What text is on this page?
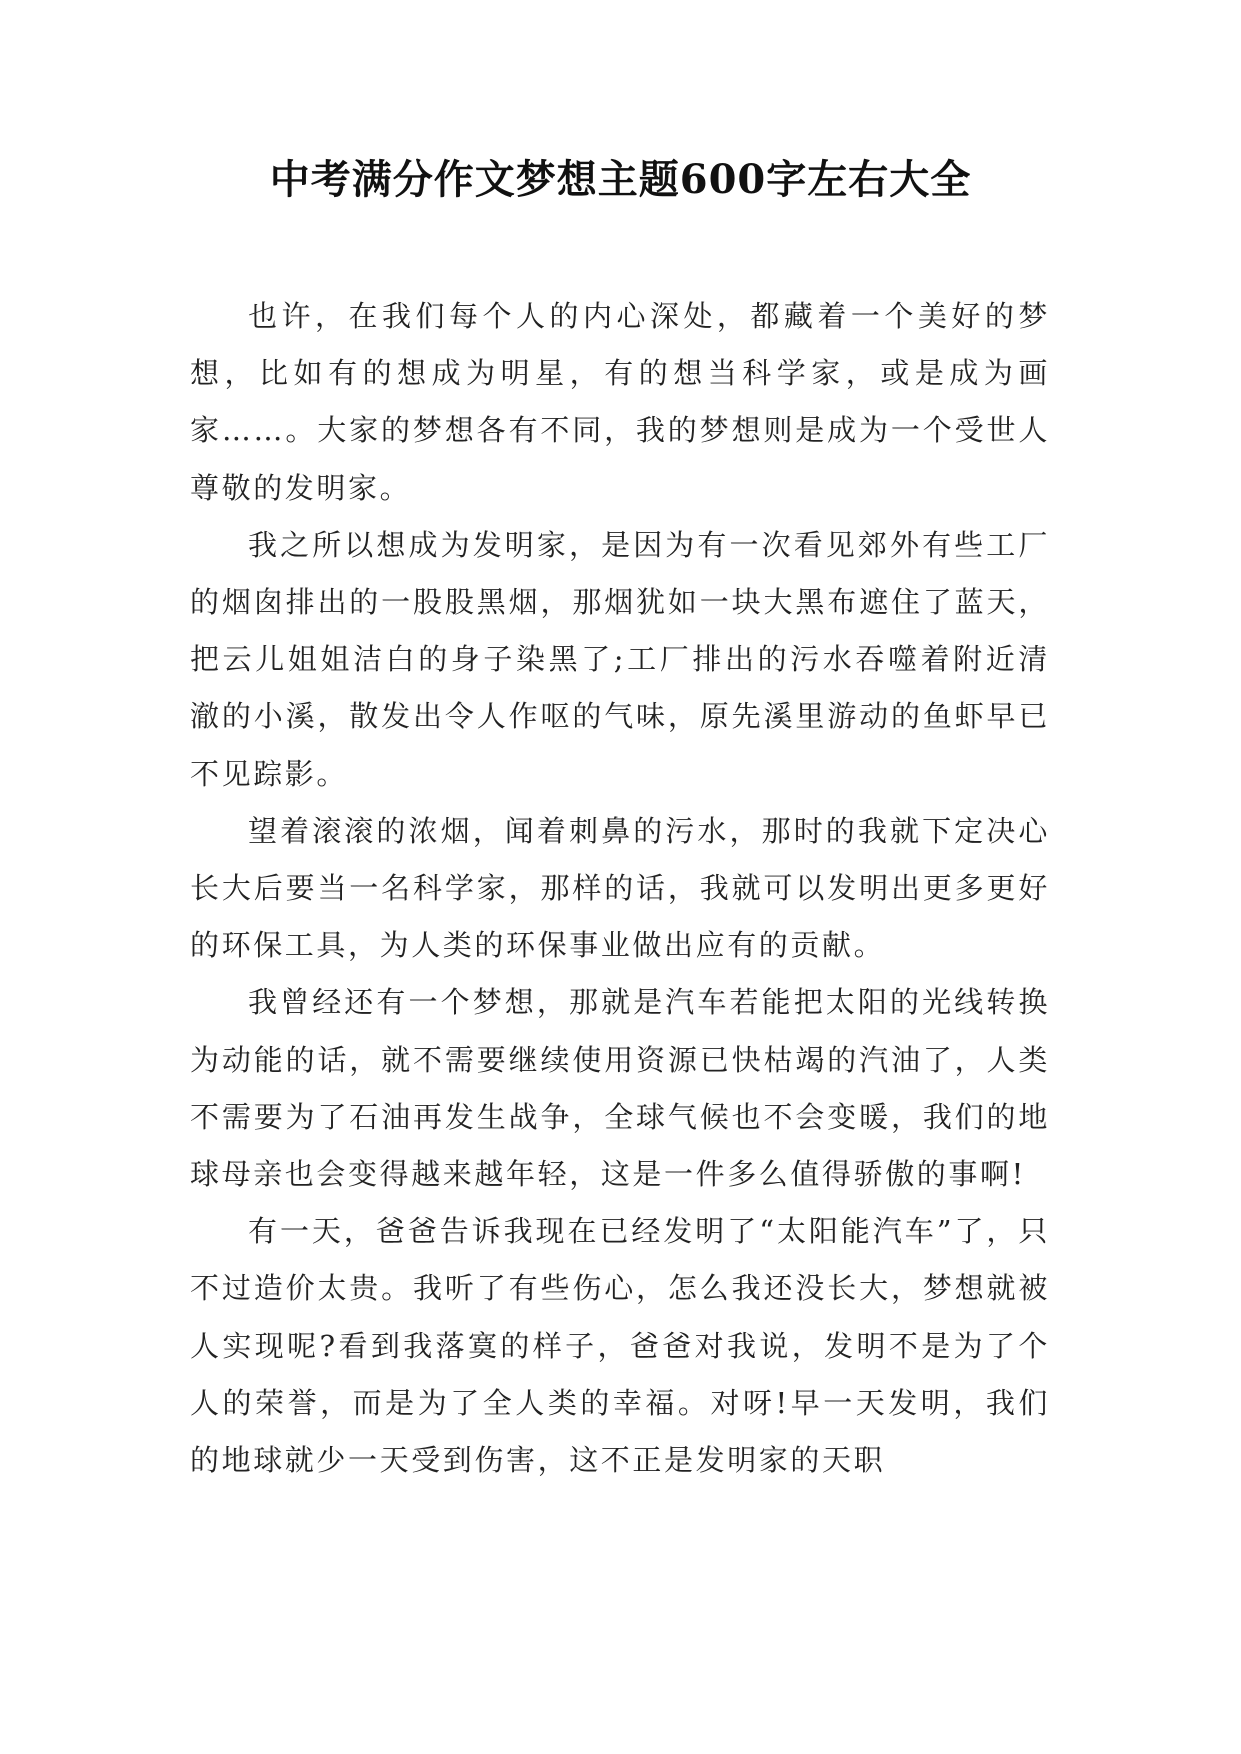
中考满分作文梦想主题600字左右大全

也许，在我们每个人的内心深处，都藏着一个美好的梦想，比如有的想成为明星，有的想当科学家，或是成为画家……。大家的梦想各有不同，我的梦想则是成为一个受世人尊敬的发明家。

我之所以想成为发明家，是因为有一次看见郊外有些工厂的烟囱排出的一股股黑烟，那烟犹如一块大黑布遮住了蓝天，把云儿姐姐洁白的身子染黑了;工厂排出的污水吞噬着附近清澈的小溪，散发出令人作呕的气味，原先溪里游动的鱼虾早已不见踪影。

望着滚滚的浓烟，闻着刺鼻的污水，那时的我就下定决心长大后要当一名科学家，那样的话，我就可以发明出更多更好的环保工具，为人类的环保事业做出应有的贡献。

我曾经还有一个梦想，那就是汽车若能把太阳的光线转换为动能的话，就不需要继续使用资源已快枯竭的汽油了，人类不需要为了石油再发生战争，全球气候也不会变暖，我们的地球母亲也会变得越来越年轻，这是一件多么值得骄傲的事啊!

有一天，爸爸告诉我现在已经发明了“太阳能汽车”了，只不过造价太贵。我听了有些伤心，怎么我还没长大，梦想就被人实现呢?看到我落寞的样子，爸爸对我说，发明不是为了个人的荣誉，而是为了全人类的幸福。对呀!早一天发明，我们的地球就少一天受到伤害，这不正是发明家的天职
